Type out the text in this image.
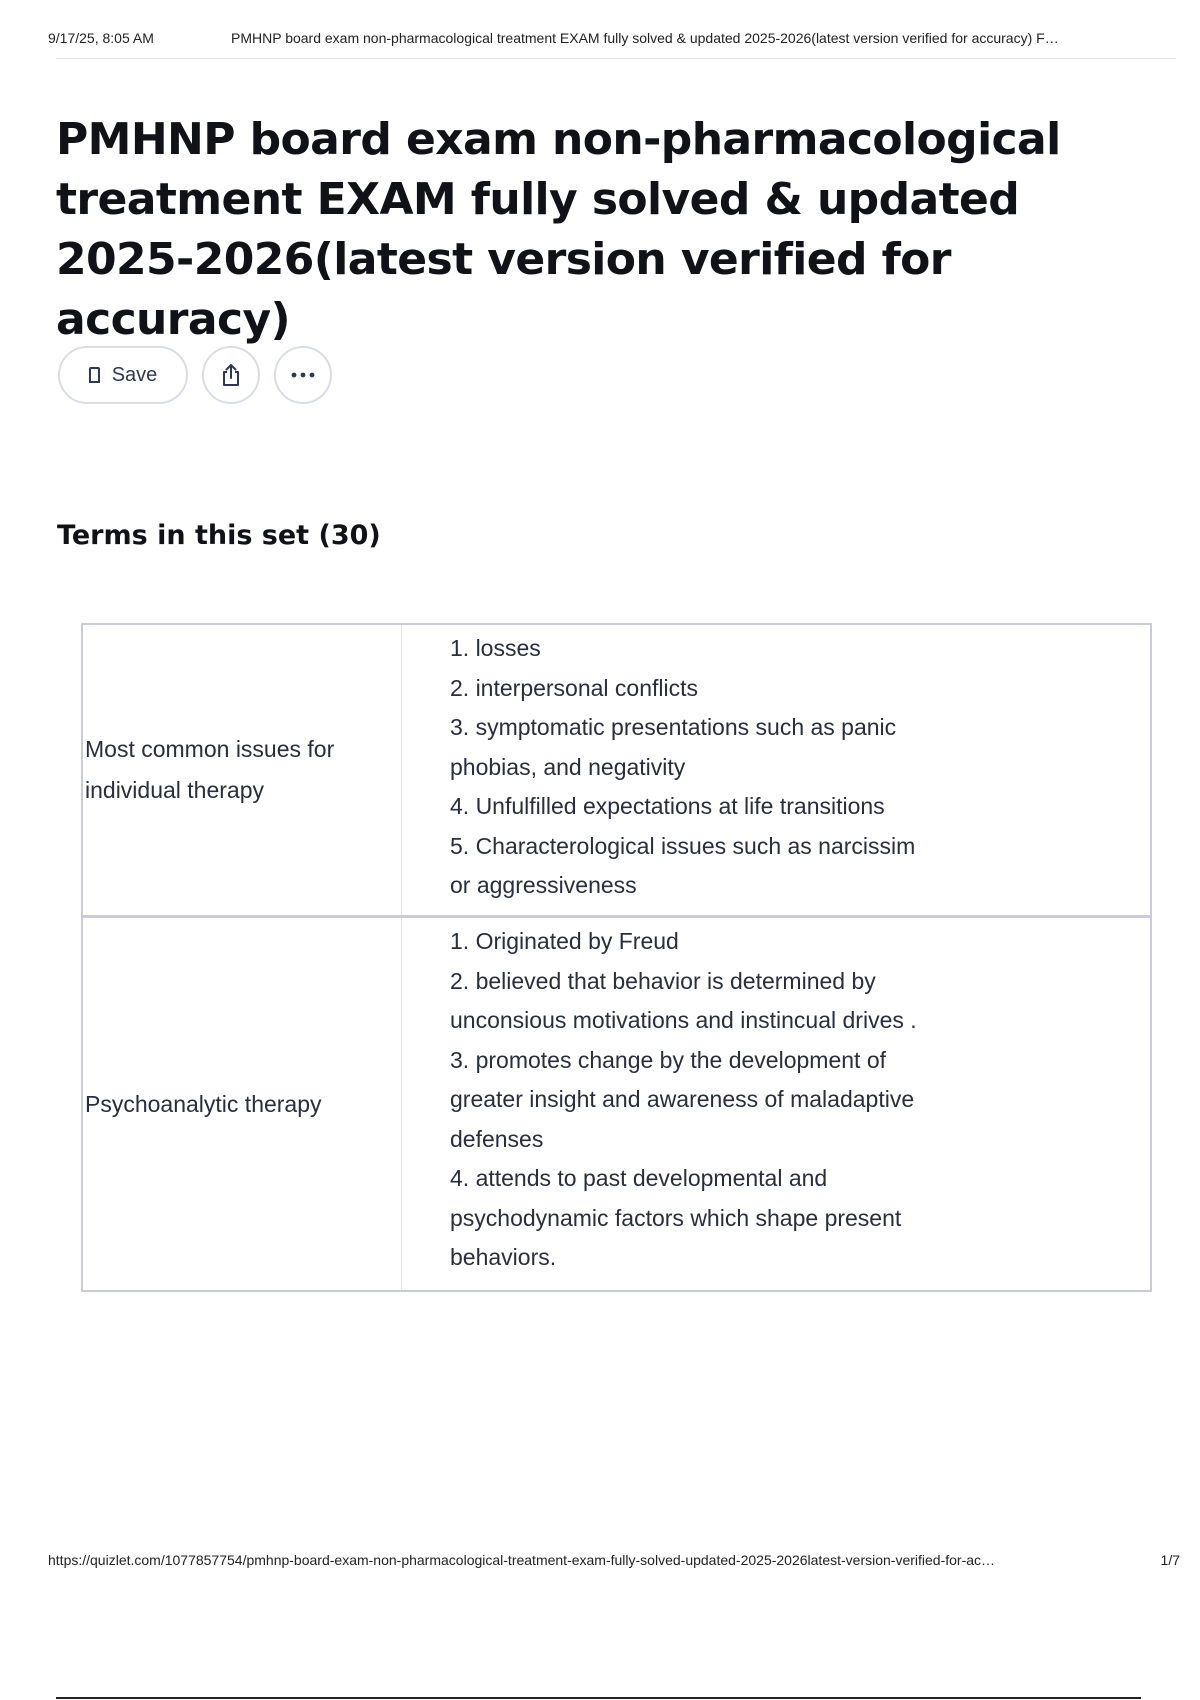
9/17/25, 8:05 AM	PMHNP board exam non-pharmacological treatment EXAM fully solved & updated 2025-2026(latest version verified for accuracy) F…
PMHNP board exam non-pharmacological treatment EXAM fully solved & updated 2025-2026(latest version verified for accuracy)
Save
Terms in this set (30)
Most common issues for individual therapy
1. losses
2. interpersonal conflicts
3. symptomatic presentations such as panic
phobias, and negativity
4. Unfulfilled expectations at life transitions
5. Characterological issues such as narcissim
or aggressiveness
Psychoanalytic therapy
1. Originated by Freud
2. believed that behavior is determined by
unconsious motivations and instincual drives .
3. promotes change by the development of
greater insight and awareness of maladaptive
defenses
4. attends to past developmental and
psychodynamic factors which shape present
behaviors.
https://quizlet.com/1077857754/pmhnp-board-exam-non-pharmacological-treatment-exam-fully-solved-updated-2025-2026latest-version-verified-for-ac…	1/7
